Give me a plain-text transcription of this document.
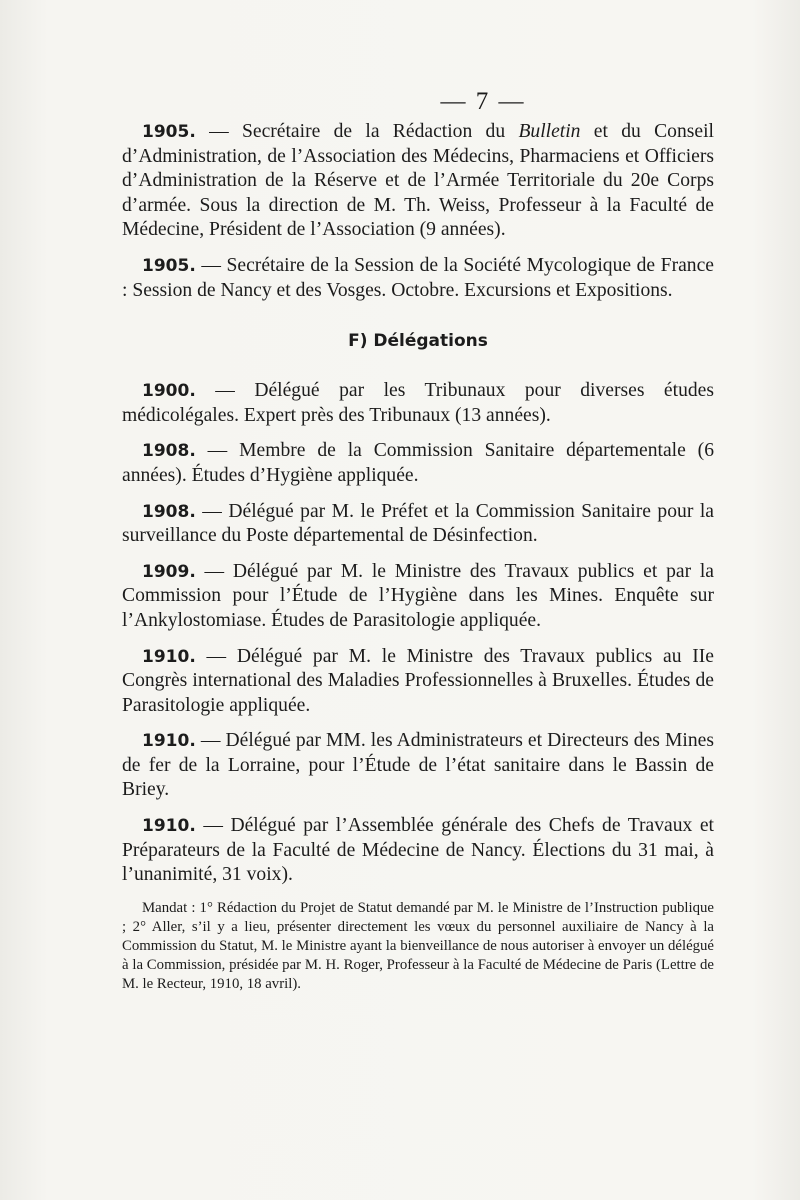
— 7 —

1905. — Secrétaire de la Rédaction du Bulletin et du Conseil d’Administration, de l’Association des Médecins, Pharmaciens et Officiers d’Administration de la Réserve et de l’Armée Territoriale du 20e Corps d’armée. Sous la direction de M. Th. Weiss, Professeur à la Faculté de Médecine, Président de l’Association (9 années).

1905. — Secrétaire de la Session de la Société Mycologique de France : Session de Nancy et des Vosges. Octobre. Excursions et Expositions.

F) Délégations

1900. — Délégué par les Tribunaux pour diverses études médicolégales. Expert près des Tribunaux (13 années).

1908. — Membre de la Commission Sanitaire départementale (6 années). Études d’Hygiène appliquée.

1908. — Délégué par M. le Préfet et la Commission Sanitaire pour la surveillance du Poste départemental de Désinfection.

1909. — Délégué par M. le Ministre des Travaux publics et par la Commission pour l’Étude de l’Hygiène dans les Mines. Enquête sur l’Ankylostomiase. Études de Parasitologie appliquée.

1910. — Délégué par M. le Ministre des Travaux publics au IIe Congrès international des Maladies Professionnelles à Bruxelles. Études de Parasitologie appliquée.

1910. — Délégué par MM. les Administrateurs et Directeurs des Mines de fer de la Lorraine, pour l’Étude de l’état sanitaire dans le Bassin de Briey.

1910. — Délégué par l’Assemblée générale des Chefs de Travaux et Préparateurs de la Faculté de Médecine de Nancy. Élections du 31 mai, à l’unanimité, 31 voix).

Mandat : 1° Rédaction du Projet de Statut demandé par M. le Ministre de l’Instruction publique ; 2° Aller, s’il y a lieu, présenter directement les vœux du personnel auxiliaire de Nancy à la Commission du Statut, M. le Ministre ayant la bienveillance de nous autoriser à envoyer un délégué à la Commission, présidée par M. H. Roger, Professeur à la Faculté de Médecine de Paris (Lettre de M. le Recteur, 1910, 18 avril).
